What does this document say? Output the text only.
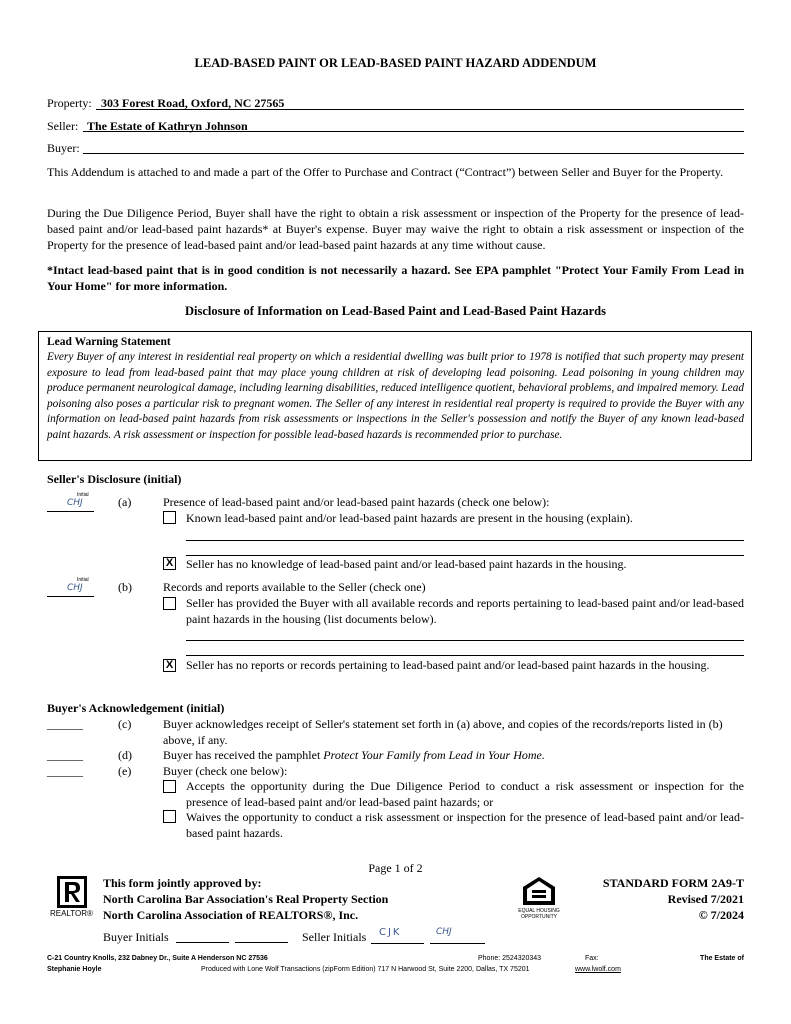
LEAD-BASED PAINT OR LEAD-BASED PAINT HAZARD ADDENDUM
Property: 303 Forest Road, Oxford, NC 27565
Seller: The Estate of Kathryn Johnson
Buyer:
This Addendum is attached to and made a part of the Offer to Purchase and Contract (“Contract”) between Seller and Buyer for the Property.
During the Due Diligence Period, Buyer shall have the right to obtain a risk assessment or inspection of the Property for the presence of lead-based paint and/or lead-based paint hazards* at Buyer's expense. Buyer may waive the right to obtain a risk assessment or inspection of the Property for the presence of lead-based paint and/or lead-based paint hazards at any time without cause.
*Intact lead-based paint that is in good condition is not necessarily a hazard. See EPA pamphlet "Protect Your Family From Lead in Your Home" for more information.
Disclosure of Information on Lead-Based Paint and Lead-Based Paint Hazards
Lead Warning Statement
Every Buyer of any interest in residential real property on which a residential dwelling was built prior to 1978 is notified that such property may present exposure to lead from lead-based paint that may place young children at risk of developing lead poisoning. Lead poisoning in young children may produce permanent neurological damage, including learning disabilities, reduced intelligence quotient, behavioral problems, and impaired memory. Lead poisoning also poses a particular risk to pregnant women. The Seller of any interest in residential real property is required to provide the Buyer with any information on lead-based paint hazards from risk assessments or inspections in the Seller's possession and notify the Buyer of any known lead-based paint hazards. A risk assessment or inspection for possible lead-based hazards is recommended prior to purchase.
Seller's Disclosure (initial)
Initial
CHJ	(a)	Presence of lead-based paint and/or lead-based paint hazards (check one below):
Known lead-based paint and/or lead-based paint hazards are present in the housing (explain).
X Seller has no knowledge of lead-based paint and/or lead-based paint hazards in the housing.
Initial
CHJ	(b)	Records and reports available to the Seller (check one)
Seller has provided the Buyer with all available records and reports pertaining to lead-based paint and/or lead-based paint hazards in the housing (list documents below).
X Seller has no reports or records pertaining to lead-based paint and/or lead-based paint hazards in the housing.
Buyer's Acknowledgement (initial)
______	(c)	Buyer acknowledges receipt of Seller's statement set forth in (a) above, and copies of the records/reports listed in (b) above, if any.
______	(d)	Buyer has received the pamphlet Protect Your Family from Lead in Your Home.
______	(e)	Buyer (check one below):
Accepts the opportunity during the Due Diligence Period to conduct a risk assessment or inspection for the presence of lead-based paint and/or lead-based paint hazards; or
Waives the opportunity to conduct a risk assessment or inspection for the presence of lead-based paint and/or lead-based paint hazards.
Page 1 of 2
REALTOR®
This form jointly approved by:
North Carolina Bar Association's Real Property Section
North Carolina Association of REALTORS®, Inc.	EQUAL HOUSING OPPORTUNITY
STANDARD FORM 2A9-T
Revised 7/2021
© 7/2024
Buyer Initials	Seller Initials CJK	CHJ
C-21 Country Knolls, 232 Dabney Dr., Suite A Henderson NC 27536	Phone: 2524320343	Fax:	The Estate of
Stephanie Hoyle	Produced with Lone Wolf Transactions (zipForm Edition) 717 N Harwood St, Suite 2200, Dallas, TX 75201	www.lwolf.com
